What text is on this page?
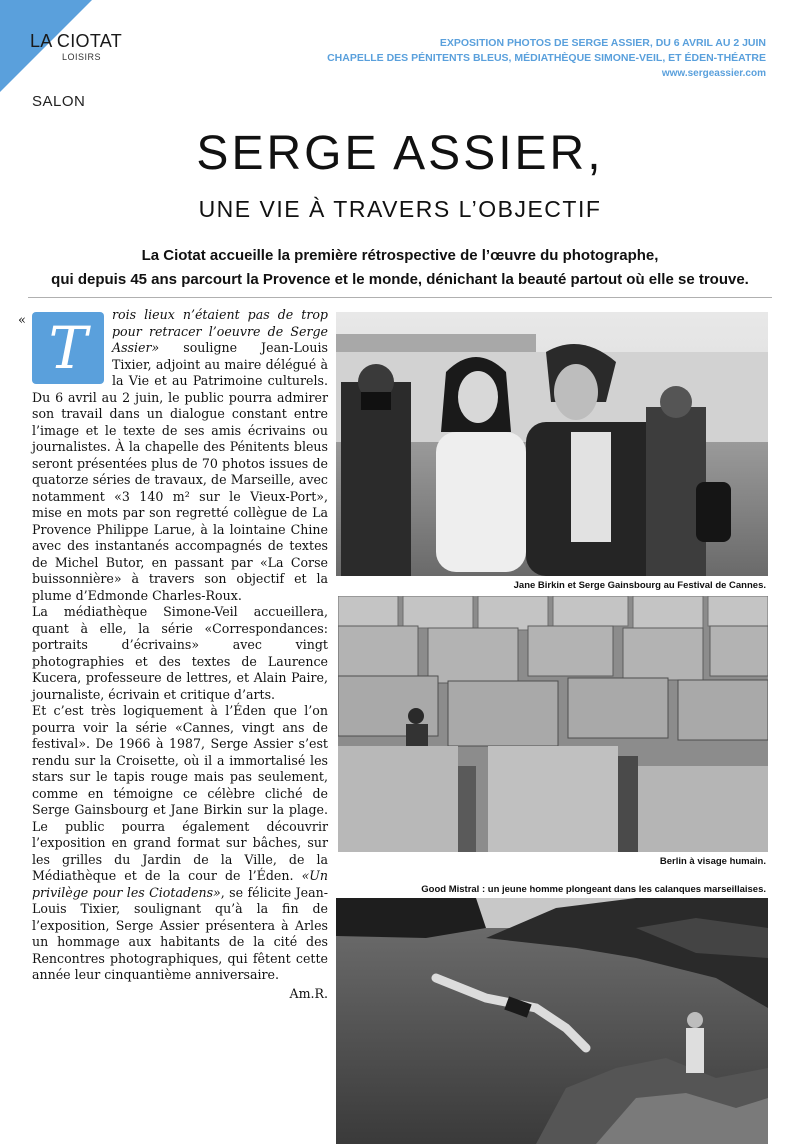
LA CIOTAT
LOISIRS
SALON
EXPOSITION PHOTOS DE SERGE ASSIER, DU 6 AVRIL AU 2 JUIN
CHAPELLE DES PÉNITENTS BLEUS, MÉDIATHÈQUE SIMONE-VEIL, ET ÉDEN-THÉATRE
www.sergeassier.com
SERGE ASSIER,
UNE VIE À TRAVERS L’OBJECTIF
La Ciotat accueille la première rétrospective de l’œuvre du photographe,
qui depuis 45 ans parcourt la Provence et le monde, dénichant la beauté partout où elle se trouve.
« T	rois lieux n’étaient pas de trop pour retracer l’oeuvre de Serge Assier» souligne Jean-Louis Tixier, adjoint au maire délégué à la Vie et au Patrimoine culturels. Du 6 avril au 2 juin, le public pourra admirer son travail dans un dialogue constant entre l’image et le texte de ses amis écrivains ou journalistes. À la chapelle des Pénitents bleus seront présentées plus de 70 photos issues de quatorze séries de travaux, de Marseille, avec notamment «3 140 m² sur le Vieux-Port», mise en mots par son regretté collègue de La Provence Philippe Larue, à la lointaine Chine avec des instantanés accompagnés de textes de Michel Butor, en passant par «La Corse buissonnière» à travers son objectif et la plume d’Edmonde Charles-Roux.

La médiathèque Simone-Veil accueillera, quant à elle, la série «Correspondances: portraits d’écrivains» avec vingt photographies et des textes de Laurence Kucera, professeure de lettres, et Alain Paire, journaliste, écrivain et critique d’arts.

Et c’est très logiquement à l’Éden que l’on pourra voir la série «Cannes, vingt ans de festival». De 1966 à 1987, Serge Assier s’est rendu sur la Croisette, où il a immortalisé les stars sur le tapis rouge mais pas seulement, comme en témoigne ce célèbre cliché de Serge Gainsbourg et Jane Birkin sur la plage. Le public pourra également découvrir l’exposition en grand format sur bâches, sur les grilles du Jardin de la Ville, de la Médiathèque et de la cour de l’Éden. «Un privilège pour les Ciotadens», se félicite Jean-Louis Tixier, soulignant qu’à la fin de l’exposition, Serge Assier présentera à Arles un hommage aux habitants de la cité des Rencontres photographiques, qui fêtent cette année leur cinquantième anniversaire.

Am.R.

Jane Birkin et Serge Gainsbourg au Festival de Cannes.
Berlin à visage humain.
Good Mistral : un jeune homme plongeant dans les calanques marseillaises.
